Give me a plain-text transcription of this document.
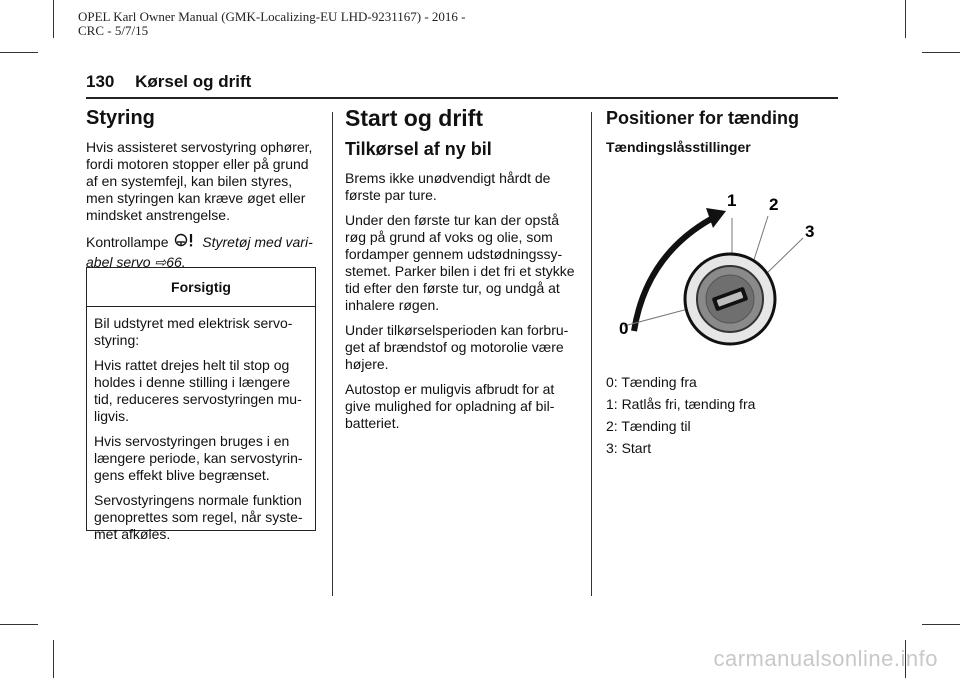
OPEL Karl Owner Manual (GMK-Localizing-EU LHD-9231167) - 2016 -
CRC - 5/7/15
130 Kørsel og drift
Styring

Hvis assisteret servostyring ophører, fordi motoren stopper eller på grund af en systemfejl, kan bilen styres, men styringen kan kræve øget eller mindsket anstrengelse.

Kontrollampe Styretøj med vari-
abel servo ⇨66.

Forsigtig

Bil udstyret med elektrisk servo-styring:

Hvis rattet drejes helt til stop og holdes i denne stilling i længere tid, reduceres servostyringen mu-ligvis.

Hvis servostyringen bruges i en længere periode, kan servostyrin-gens effekt blive begrænset.

Servostyringens normale funktion genoprettes som regel, når syste-met afkøles.

Start og drift
Tilkørsel af ny bil

Brems ikke unødvendigt hårdt de første par ture.

Under den første tur kan der opstå røg på grund af voks og olie, som fordamper gennem udstødningssy-stemet. Parker bilen i det fri et stykke tid efter den første tur, og undgå at inhalere røgen.

Under tilkørselsperioden kan forbru-get af brændstof og motorolie være højere.

Autostop er muligvis afbrudt for at give mulighed for opladning af bil-batteriet.

Positioner for tænding
Tændingslåsstillinger
0
1 2
3
0: Tænding fra
1: Ratlås fri, tænding fra
2: Tænding til
3: Start
carmanualsonline.info
